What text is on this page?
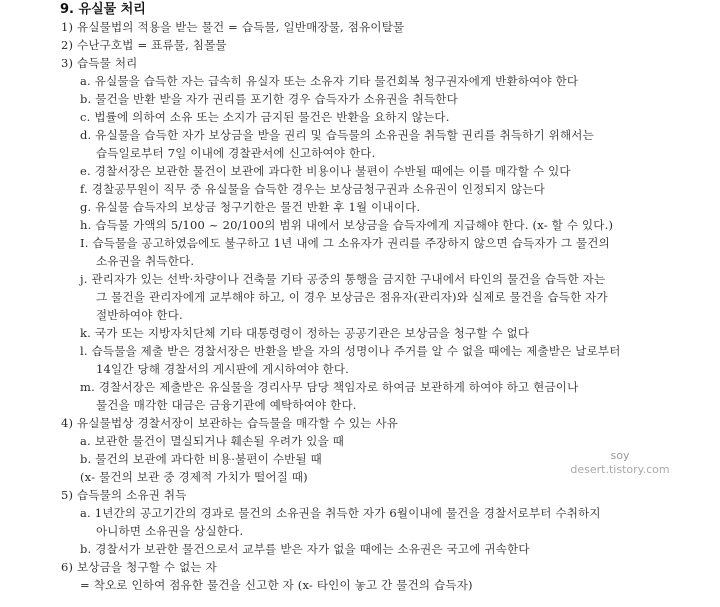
9. 유실물 처리
1) 유실물법의 적용을 받는 물건 = 습득물, 일반매장물, 점유이탈물
2) 수난구호법 = 표류물, 침몰물
3) 습득물 처리
a. 유실물을 습득한 자는 급속히 유실자 또는 소유자 기타 물건회복 청구권자에게 반환하여야 한다
b. 물건을 반환 받을 자가 권리를 포기한 경우 습득자가 소유권을 취득한다
c. 법률에 의하여 소유 또는 소지가 금지된 물건은 반환을 요하지 않는다.
d. 유실물을 습득한 자가 보상금을 받을 권리 및 습득물의 소유권을 취득할 권리를 취득하기 위해서는
습득일로부터 7일 이내에 경찰관서에 신고하여야 한다.
e. 경찰서장은 보관한 물건이 보관에 과다한 비용이나 불편이 수반될 때에는 이를 매각할 수 있다
f. 경찰공무원이 직무 중 유실물을 습득한 경우는 보상금청구권과 소유권이 인정되지 않는다
g. 유실물 습득자의 보상금 청구기한은 물건 반환 후 1월 이내이다.
h. 습득물 가액의 5/100 ~ 20/100의 범위 내에서 보상금을 습득자에게 지급해야 한다. (x- 할 수 있다.)
I. 습득물을 공고하였음에도 불구하고 1년 내에 그 소유자가 권리를 주장하지 않으면 습득자가 그 물건의
소유권을 취득한다.
j. 관리자가 있는 선박·차량이나 건축물 기타 공중의 통행을 금지한 구내에서 타인의 물건을 습득한 자는
그 물건을 관리자에게 교부해야 하고, 이 경우 보상금은 점유자(관리자)와 실제로 물건을 습득한 자가
절반하여야 한다.
k. 국가 또는 지방자치단체 기타 대통령령이 정하는 공공기관은 보상금을 청구할 수 없다
l. 습득물을 제출 받은 경찰서장은 반환을 받을 자의 성명이나 주거를 알 수 없을 때에는 제출받은 날로부터
14일간 당해 경찰서의 게시판에 게시하여야 한다.
m. 경찰서장은 제출받은 유실물을 경리사무 담당 책임자로 하여금 보관하게 하여야 하고 현금이나
물건을 매각한 대금은 금융기관에 예탁하여야 한다.
4) 유실물법상 경찰서장이 보관하는 습득물을 매각할 수 있는 사유
a. 보관한 물건이 멸실되거나 훼손될 우려가 있을 때
b. 물건의 보관에 과다한 비용·불편이 수반될 때
(x- 물건의 보관 중 경제적 가치가 떨어질 때)
5) 습득물의 소유권 취득
a. 1년간의 공고기간의 경과로 물건의 소유권을 취득한 자가 6월이내에 물건을 경찰서로부터 수취하지
아니하면 소유권을 상실한다.
b. 경찰서가 보관한 물건으로서 교부를 받은 자가 없을 때에는 소유권은 국고에 귀속한다
6) 보상금을 청구할 수 없는 자
= 착오로 인하여 점유한 물건을 신고한 자 (x- 타인이 놓고 간 물건의 습득자)
soy
desert.tistory.com
